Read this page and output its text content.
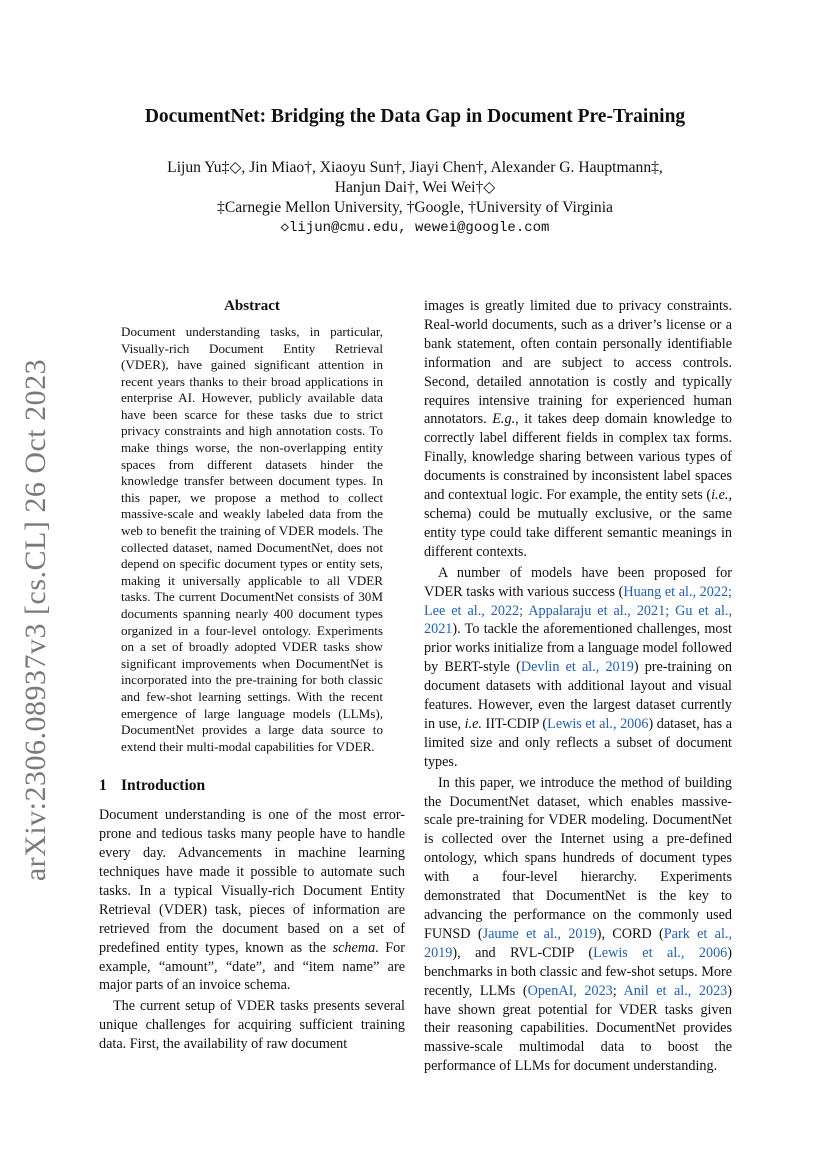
arXiv:2306.08937v3 [cs.CL] 26 Oct 2023
DocumentNet: Bridging the Data Gap in Document Pre-Training
Lijun Yu‡◇, Jin Miao†, Xiaoyu Sun†, Jiayi Chen†, Alexander G. Hauptmann‡,
Hanjun Dai†, Wei Wei†◇
‡Carnegie Mellon University, †Google, †University of Virginia
◇lijun@cmu.edu, wewei@google.com
Abstract

Document understanding tasks, in particular, Visually-rich Document Entity Retrieval (VDER), have gained significant attention in recent years thanks to their broad applications in enterprise AI. However, publicly available data have been scarce for these tasks due to strict privacy constraints and high annotation costs. To make things worse, the non-overlapping entity spaces from different datasets hinder the knowledge transfer between document types. In this paper, we propose a method to collect massive-scale and weakly labeled data from the web to benefit the training of VDER models. The collected dataset, named DocumentNet, does not depend on specific document types or entity sets, making it universally applicable to all VDER tasks. The current DocumentNet consists of 30M documents spanning nearly 400 document types organized in a four-level ontology. Experiments on a set of broadly adopted VDER tasks show significant improvements when DocumentNet is incorporated into the pre-training for both classic and few-shot learning settings. With the recent emergence of large language models (LLMs), DocumentNet provides a large data source to extend their multi-modal capabilities for VDER.

1 Introduction

Document understanding is one of the most error-prone and tedious tasks many people have to handle every day. Advancements in machine learning techniques have made it possible to automate such tasks. In a typical Visually-rich Document Entity Retrieval (VDER) task, pieces of information are retrieved from the document based on a set of predefined entity types, known as the schema. For example, “amount”, “date”, and “item name” are major parts of an invoice schema.

The current setup of VDER tasks presents several unique challenges for acquiring sufficient training data. First, the availability of raw document

images is greatly limited due to privacy constraints. Real-world documents, such as a driver’s license or a bank statement, often contain personally identifiable information and are subject to access controls. Second, detailed annotation is costly and typically requires intensive training for experienced human annotators. E.g., it takes deep domain knowledge to correctly label different fields in complex tax forms. Finally, knowledge sharing between various types of documents is constrained by inconsistent label spaces and contextual logic. For example, the entity sets (i.e., schema) could be mutually exclusive, or the same entity type could take different semantic meanings in different contexts.

A number of models have been proposed for VDER tasks with various success (Huang et al., 2022; Lee et al., 2022; Appalaraju et al., 2021; Gu et al., 2021). To tackle the aforementioned challenges, most prior works initialize from a language model followed by BERT-style (Devlin et al., 2019) pre-training on document datasets with additional layout and visual features. However, even the largest dataset currently in use, i.e. IIT-CDIP (Lewis et al., 2006) dataset, has a limited size and only reflects a subset of document types.

In this paper, we introduce the method of building the DocumentNet dataset, which enables massive-scale pre-training for VDER modeling. DocumentNet is collected over the Internet using a pre-defined ontology, which spans hundreds of document types with a four-level hierarchy. Experiments demonstrated that DocumentNet is the key to advancing the performance on the commonly used FUNSD (Jaume et al., 2019), CORD (Park et al., 2019), and RVL-CDIP (Lewis et al., 2006) benchmarks in both classic and few-shot setups. More recently, LLMs (OpenAI, 2023; Anil et al., 2023) have shown great potential for VDER tasks given their reasoning capabilities. DocumentNet provides massive-scale multimodal data to boost the performance of LLMs for document understanding.
